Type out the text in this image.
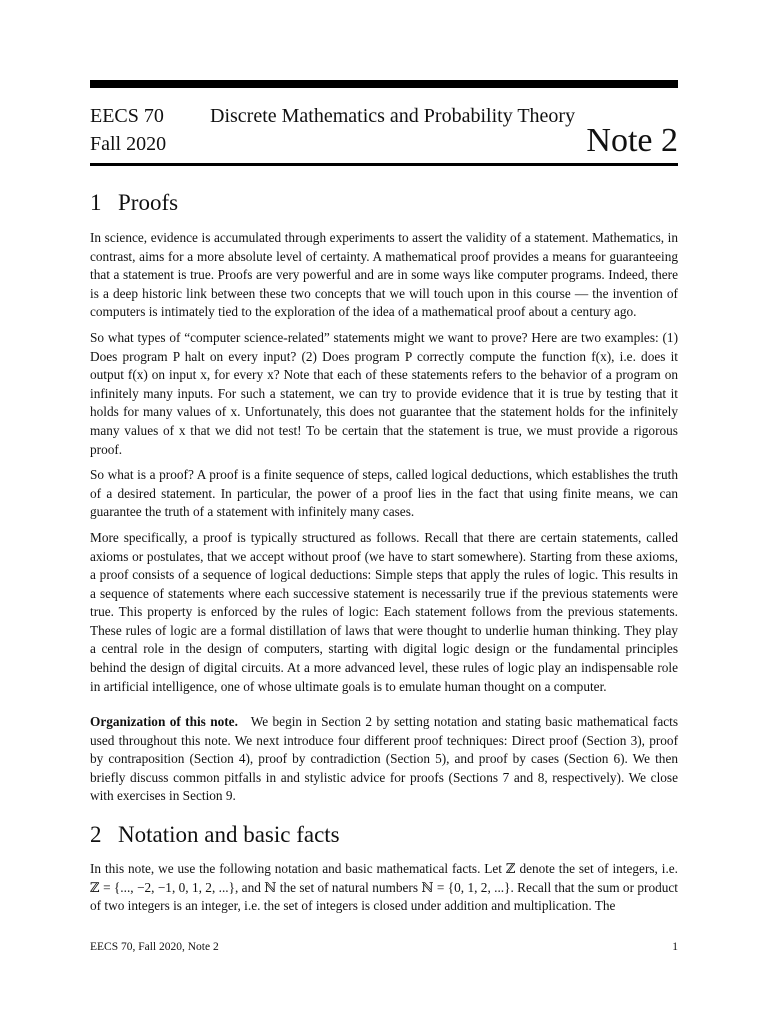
EECS 70
Fall 2020
Discrete Mathematics and Probability Theory
Note 2
1 Proofs

In science, evidence is accumulated through experiments to assert the validity of a statement. Mathematics, in contrast, aims for a more absolute level of certainty. A mathematical proof provides a means for guaranteeing that a statement is true. Proofs are very powerful and are in some ways like computer programs. Indeed, there is a deep historic link between these two concepts that we will touch upon in this course — the invention of computers is intimately tied to the exploration of the idea of a mathematical proof about a century ago.

So what types of “computer science-related” statements might we want to prove? Here are two examples: (1) Does program P halt on every input? (2) Does program P correctly compute the function f(x), i.e. does it output f(x) on input x, for every x? Note that each of these statements refers to the behavior of a program on infinitely many inputs. For such a statement, we can try to provide evidence that it is true by testing that it holds for many values of x. Unfortunately, this does not guarantee that the statement holds for the infinitely many values of x that we did not test! To be certain that the statement is true, we must provide a rigorous proof.

So what is a proof? A proof is a finite sequence of steps, called logical deductions, which establishes the truth of a desired statement. In particular, the power of a proof lies in the fact that using finite means, we can guarantee the truth of a statement with infinitely many cases.

More specifically, a proof is typically structured as follows. Recall that there are certain statements, called axioms or postulates, that we accept without proof (we have to start somewhere). Starting from these axioms, a proof consists of a sequence of logical deductions: Simple steps that apply the rules of logic. This results in a sequence of statements where each successive statement is necessarily true if the previous statements were true. This property is enforced by the rules of logic: Each statement follows from the previous statements. These rules of logic are a formal distillation of laws that were thought to underlie human thinking. They play a central role in the design of computers, starting with digital logic design or the fundamental principles behind the design of digital circuits. At a more advanced level, these rules of logic play an indispensable role in artificial intelligence, one of whose ultimate goals is to emulate human thought on a computer.

Organization of this note. We begin in Section 2 by setting notation and stating basic mathematical facts used throughout this note. We next introduce four different proof techniques: Direct proof (Section 3), proof by contraposition (Section 4), proof by contradiction (Section 5), and proof by cases (Section 6). We then briefly discuss common pitfalls in and stylistic advice for proofs (Sections 7 and 8, respectively). We close with exercises in Section 9.

2 Notation and basic facts

In this note, we use the following notation and basic mathematical facts. Let ℤ denote the set of integers, i.e. ℤ = {..., −2, −1, 0, 1, 2, ...}, and ℕ the set of natural numbers ℕ = {0, 1, 2, ...}. Recall that the sum or product of two integers is an integer, i.e. the set of integers is closed under addition and multiplication. The

EECS 70, Fall 2020, Note 2	1
